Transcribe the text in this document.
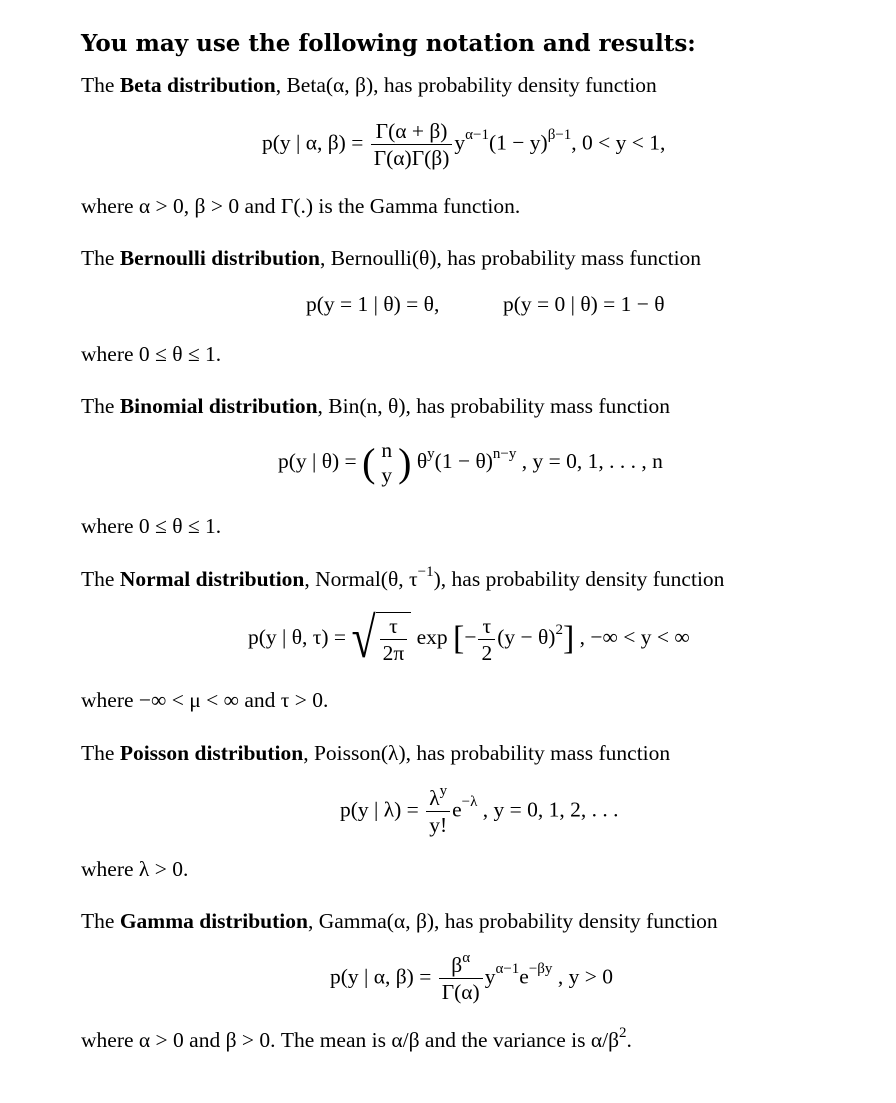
You may use the following notation and results:
The Beta distribution, Beta(α, β), has probability density function
p(y | α, $\beta) = \frac{\Gamma(\alpha + \beta)}{\Gamma(\alpha)\Gamma(\beta)} y^{\alpha-1}(1 - y)^{\beta-1}$, 0 < y < 1,
where α > 0, β > 0 and Γ(.) is the Gamma function.
The Bernoulli distribution, Bernoulli(θ), has probability mass function
p(y = 1 | θ) = θ,	p(y = 0 | θ) = 1 − θ
where 0 ≤ θ ≤ 1.
The Binomial distribution, Bin(n, θ), has probability mass function
p(y | θ) = ( n
y ) $\theta^y(1 - \theta)^{n-y}$ , y = 0, 1, . . . , n
where 0 ≤ θ ≤ 1.
The Normal distribution, Normal(θ, $\tau^{-1}$), has probability density function
p(y | θ, τ) = √ $\frac{\tau}{2\pi}$ exp [− $\frac{\tau}{2} (y - \theta)^2$] , −∞ < y < ∞
where −∞ < μ < ∞ and τ > 0.
The Poisson distribution, Poisson(λ), has probability mass function
p(y | $\lambda) = \frac{\lambda^y}{y!} e^{-\lambda}$ , y = 0, 1, 2, . . .
where λ > 0.
The Gamma distribution, Gamma(α, β), has probability density function
p(y | α, $\beta) = \frac{\beta^\alpha}{\Gamma(\alpha)} y^{\alpha-1}e^{-\beta y}$ , y > 0
where α > 0 and β > 0. The mean is α/β and the variance is $\alpha/\beta^2$.
